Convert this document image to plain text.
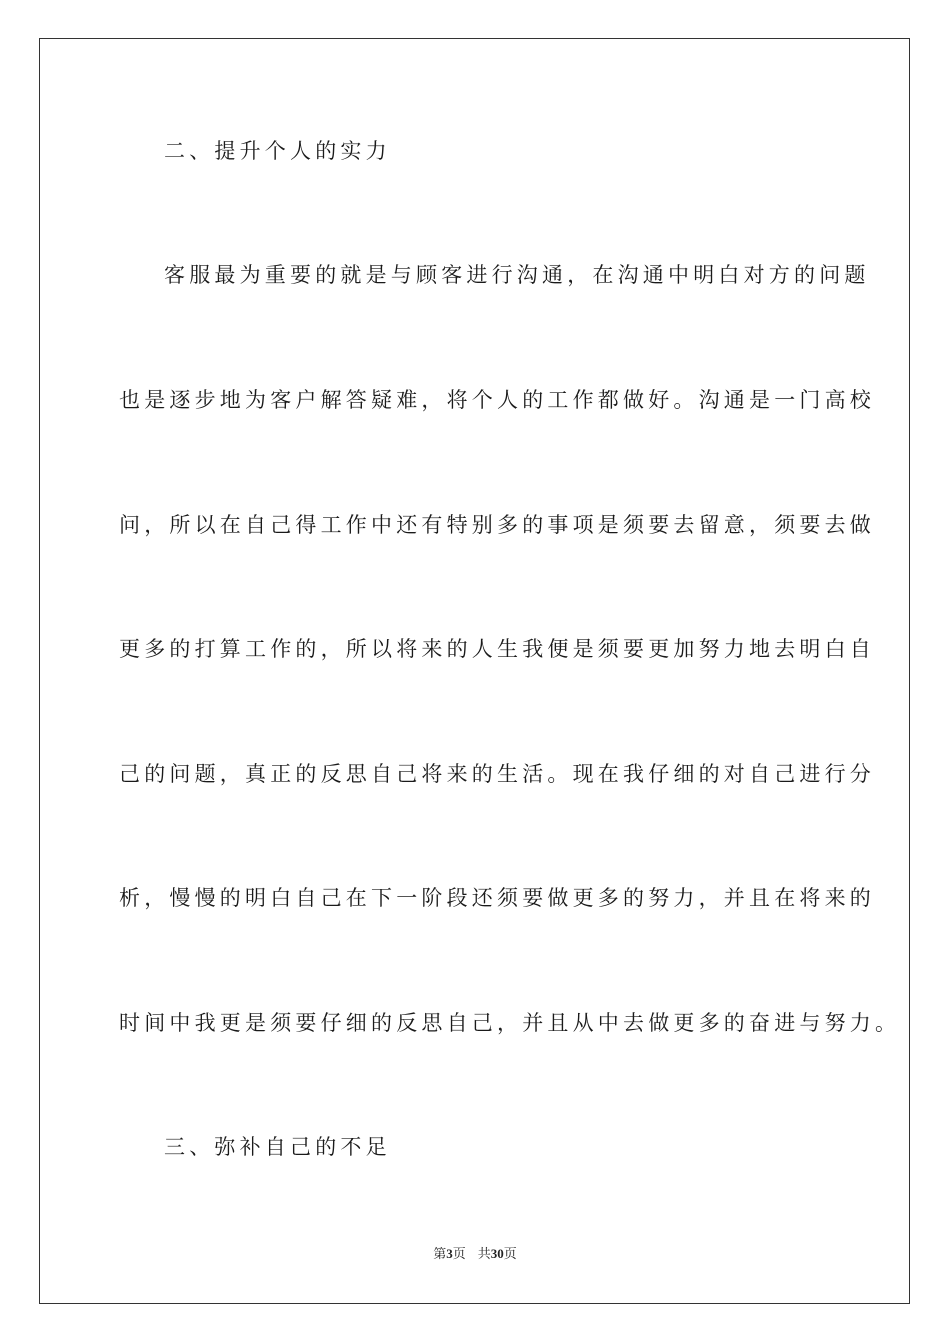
二、提升个人的实力
客服最为重要的就是与顾客进行沟通，在沟通中明白对方的问题
也是逐步地为客户解答疑难，将个人的工作都做好。沟通是一门高校
问，所以在自己得工作中还有特别多的事项是须要去留意，须要去做
更多的打算工作的，所以将来的人生我便是须要更加努力地去明白自
己的问题，真正的反思自己将来的生活。现在我仔细的对自己进行分
析，慢慢的明白自己在下一阶段还须要做更多的努力，并且在将来的
时间中我更是须要仔细的反思自己，并且从中去做更多的奋进与努力。
三、弥补自己的不足
第3页 共30页
